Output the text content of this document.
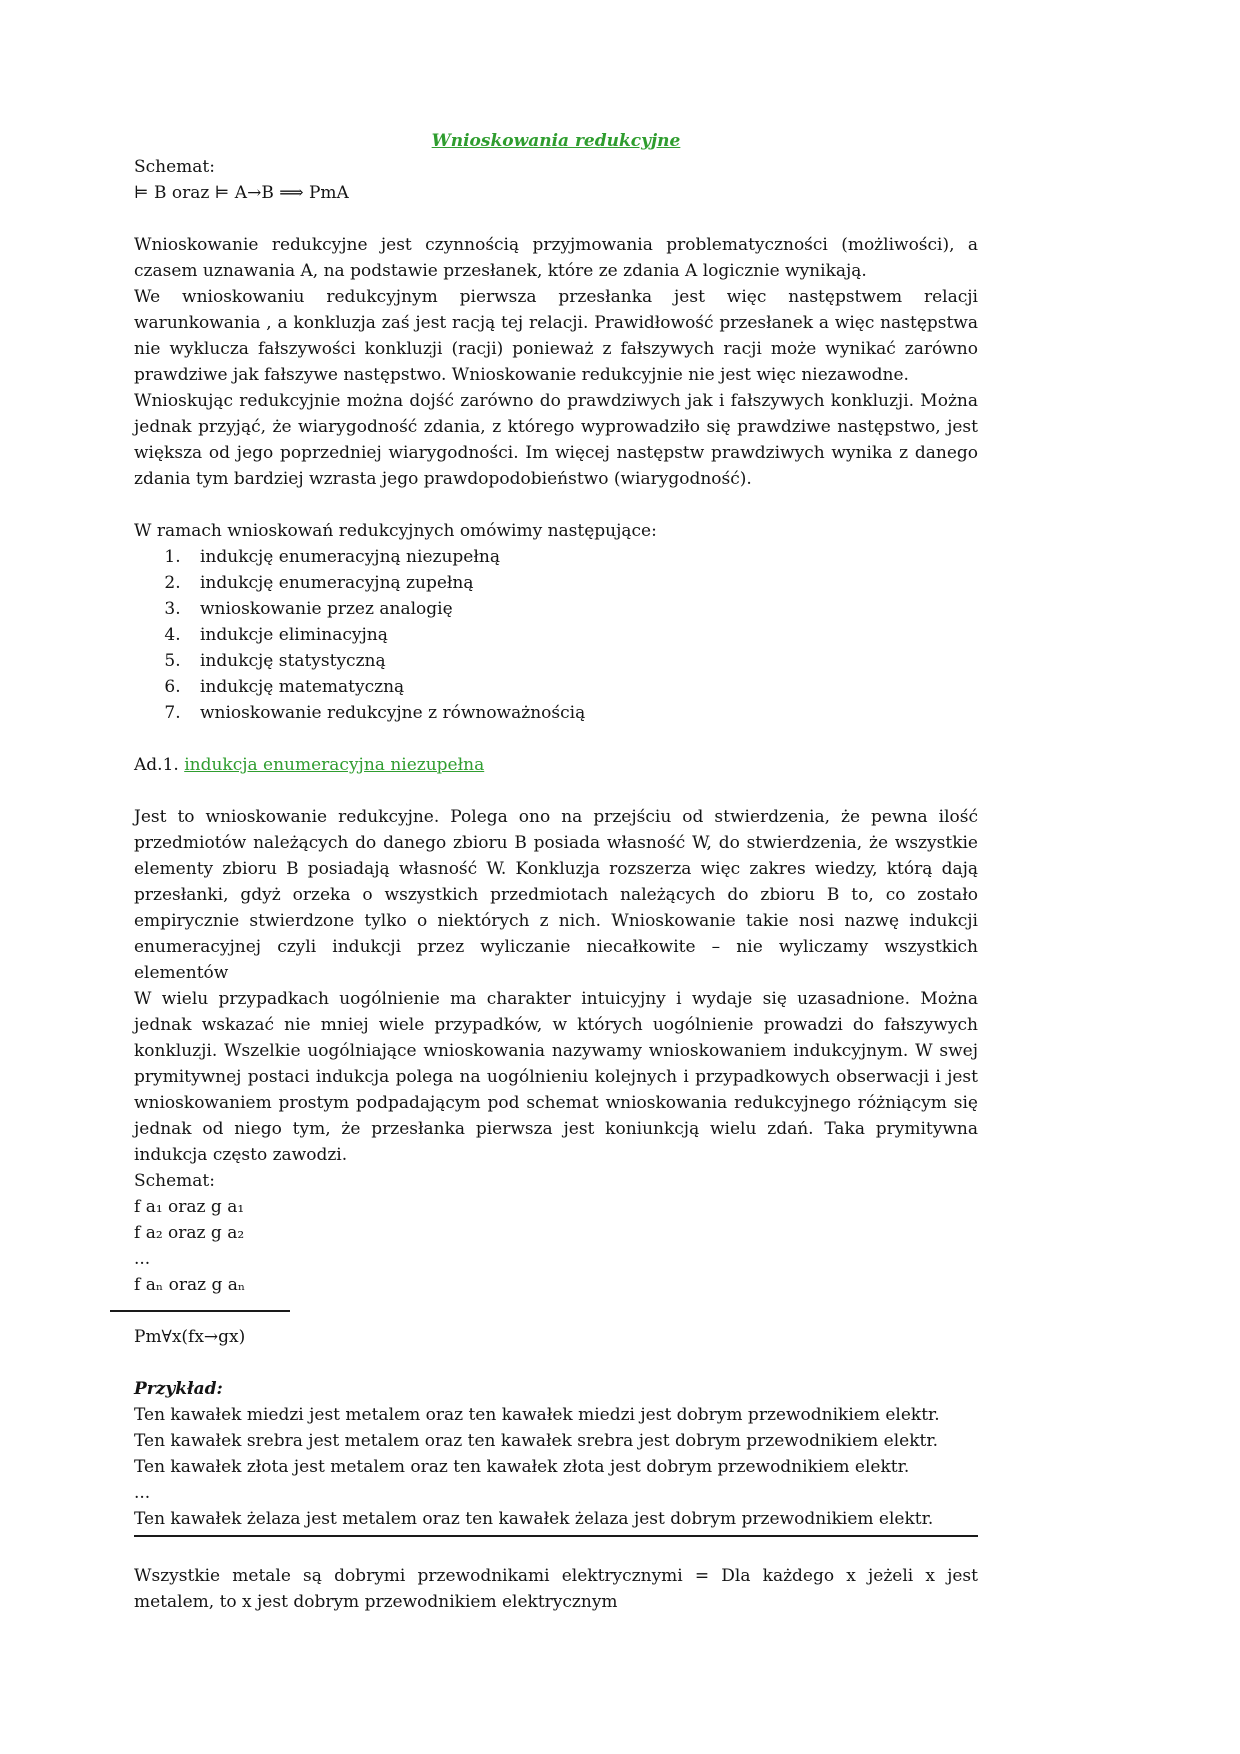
Wnioskowania redukcyjne

Schemat:

⊨ B oraz ⊨ A→B ⟹ PmA

Wnioskowanie redukcyjne jest czynnością przyjmowania problematyczności (możliwości), a czasem uznawania A, na podstawie przesłanek, które ze zdania A logicznie wynikają.

We wnioskowaniu redukcyjnym pierwsza przesłanka jest więc następstwem relacji warunkowania , a konkluzja zaś jest racją tej relacji. Prawidłowość przesłanek a więc następstwa nie wyklucza fałszywości konkluzji (racji) ponieważ z fałszywych racji może wynikać zarówno prawdziwe jak fałszywe następstwo. Wnioskowanie redukcyjnie nie jest więc niezawodne.

Wnioskując redukcyjnie można dojść zarówno do prawdziwych jak i fałszywych konkluzji. Można jednak przyjąć, że wiarygodność zdania, z którego wyprowadziło się prawdziwe następstwo, jest większa od jego poprzedniej wiarygodności. Im więcej następstw prawdziwych wynika z danego zdania tym bardziej wzrasta jego prawdopodobieństwo (wiarygodność).

W ramach wnioskowań redukcyjnych omówimy następujące:

1. indukcję enumeracyjną niezupełną
2. indukcję enumeracyjną zupełną
3. wnioskowanie przez analogię
4. indukcje eliminacyjną
5. indukcję statystyczną
6. indukcję matematyczną
7. wnioskowanie redukcyjne z równoważnością

Ad.1. indukcja enumeracyjna niezupełna

Jest to wnioskowanie redukcyjne. Polega ono na przejściu od stwierdzenia, że pewna ilość przedmiotów należących do danego zbioru B posiada własność W, do stwierdzenia, że wszystkie elementy zbioru B posiadają własność W. Konkluzja rozszerza więc zakres wiedzy, którą dają przesłanki, gdyż orzeka o wszystkich przedmiotach należących do zbioru B to, co zostało empirycznie stwierdzone tylko o niektórych z nich. Wnioskowanie takie nosi nazwę indukcji enumeracyjnej czyli indukcji przez wyliczanie niecałkowite – nie wyliczamy wszystkich elementów

W wielu przypadkach uogólnienie ma charakter intuicyjny i wydaje się uzasadnione. Można jednak wskazać nie mniej wiele przypadków, w których uogólnienie prowadzi do fałszywych konkluzji. Wszelkie uogólniające wnioskowania nazywamy wnioskowaniem indukcyjnym. W swej prymitywnej postaci indukcja polega na uogólnieniu kolejnych i przypadkowych obserwacji i jest wnioskowaniem prostym podpadającym pod schemat wnioskowania redukcyjnego różniącym się jednak od niego tym, że przesłanka pierwsza jest koniunkcją wielu zdań. Taka prymitywna indukcja często zawodzi.

Schemat:

f a₁ oraz g a₁
f a₂ oraz g a₂
...
f aₙ oraz g aₙ

Pm∀x(fx→gx)

Przykład:

Ten kawałek miedzi jest metalem oraz ten kawałek miedzi jest dobrym przewodnikiem elektr.

Ten kawałek srebra jest metalem oraz ten kawałek srebra jest dobrym przewodnikiem elektr.

Ten kawałek złota jest metalem oraz ten kawałek złota jest dobrym przewodnikiem elektr.

...

Ten kawałek żelaza jest metalem oraz ten kawałek żelaza jest dobrym przewodnikiem elektr.

Wszystkie metale są dobrymi przewodnikami elektrycznymi = Dla każdego x jeżeli x jest metalem, to x jest dobrym przewodnikiem elektrycznym
